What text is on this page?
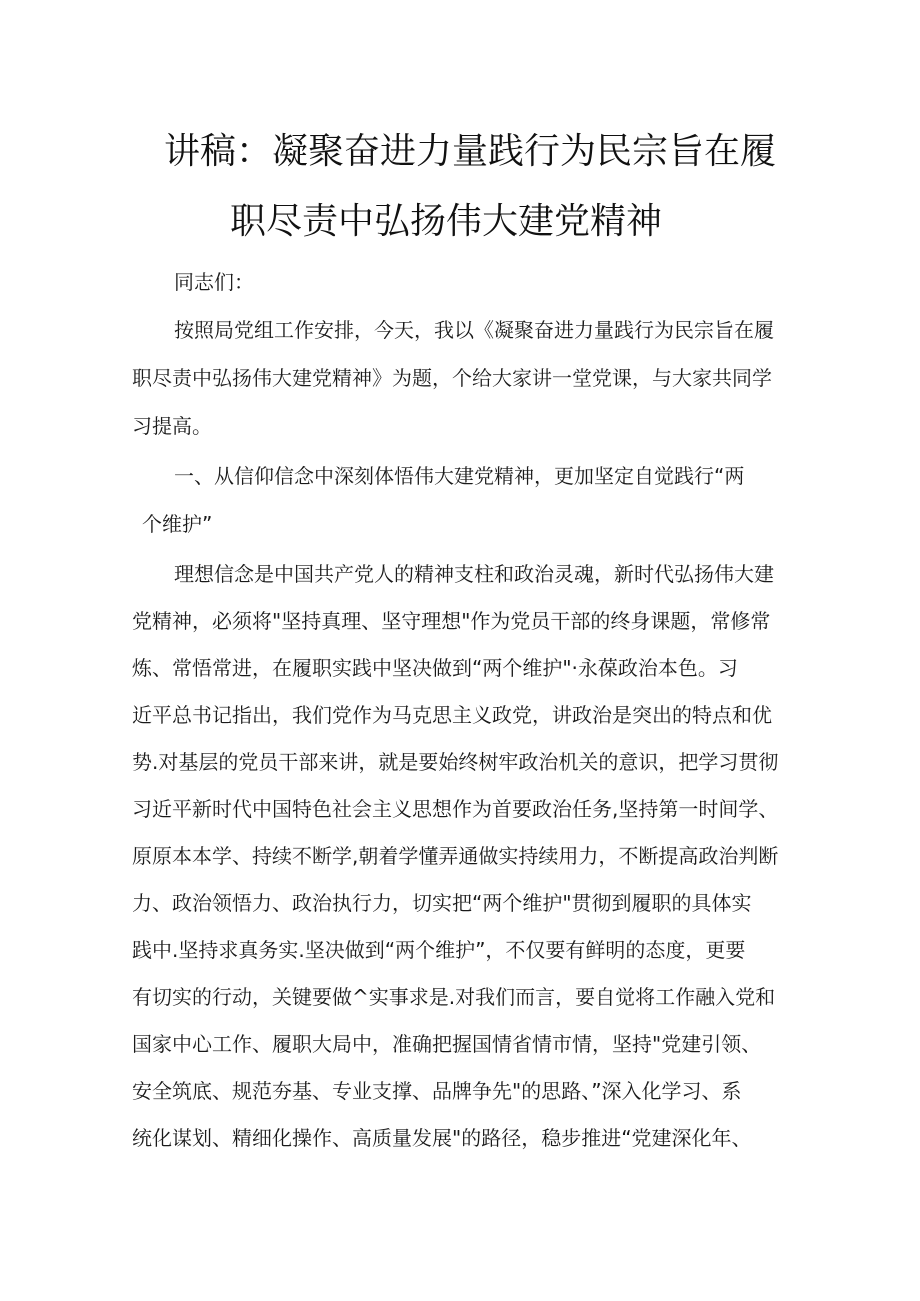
讲稿：凝聚奋进力量践行为民宗旨在履
职尽责中弘扬伟大建党精神
同志们：
按照局党组工作安排，今天，我以《凝聚奋进力量践行为民宗旨在履
职尽责中弘扬伟大建党精神》为题，个给大家讲一堂党课，与大家共同学
习提高。
一、从信仰信念中深刻体悟伟大建党精神，更加坚定自觉践行“两
个维护”
理想信念是中国共产党人的精神支柱和政治灵魂，新时代弘扬伟大建
党精神，必须将"坚持真理、坚守理想"作为党员干部的终身课题，常修常
炼、常悟常进，在履职实践中坚决做到“两个维护"·永葆政治本色。习
近平总书记指出，我们党作为马克思主义政党，讲政治是突出的特点和优
势.对基层的党员干部来讲，就是要始终树牢政治机关的意识，把学习贯彻
习近平新时代中国特色社会主义思想作为首要政治任务,坚持第一时间学、
原原本本学、持续不断学,朝着学懂弄通做实持续用力，不断提高政治判断
力、政治领悟力、政治执行力，切实把“两个维护"贯彻到履职的具体实
践中.坚持求真务实.坚决做到“两个维护”，不仅要有鲜明的态度，更要
有切实的行动，关键要做^实事求是.对我们而言，要自觉将工作融入党和
国家中心工作、履职大局中，准确把握国情省情市情，坚持"党建引领、
安全筑底、规范夯基、专业支撑、品牌争先"的思路、”深入化学习、系
统化谋划、精细化操作、高质量发展"的路径，稳步推进“党建深化年、
